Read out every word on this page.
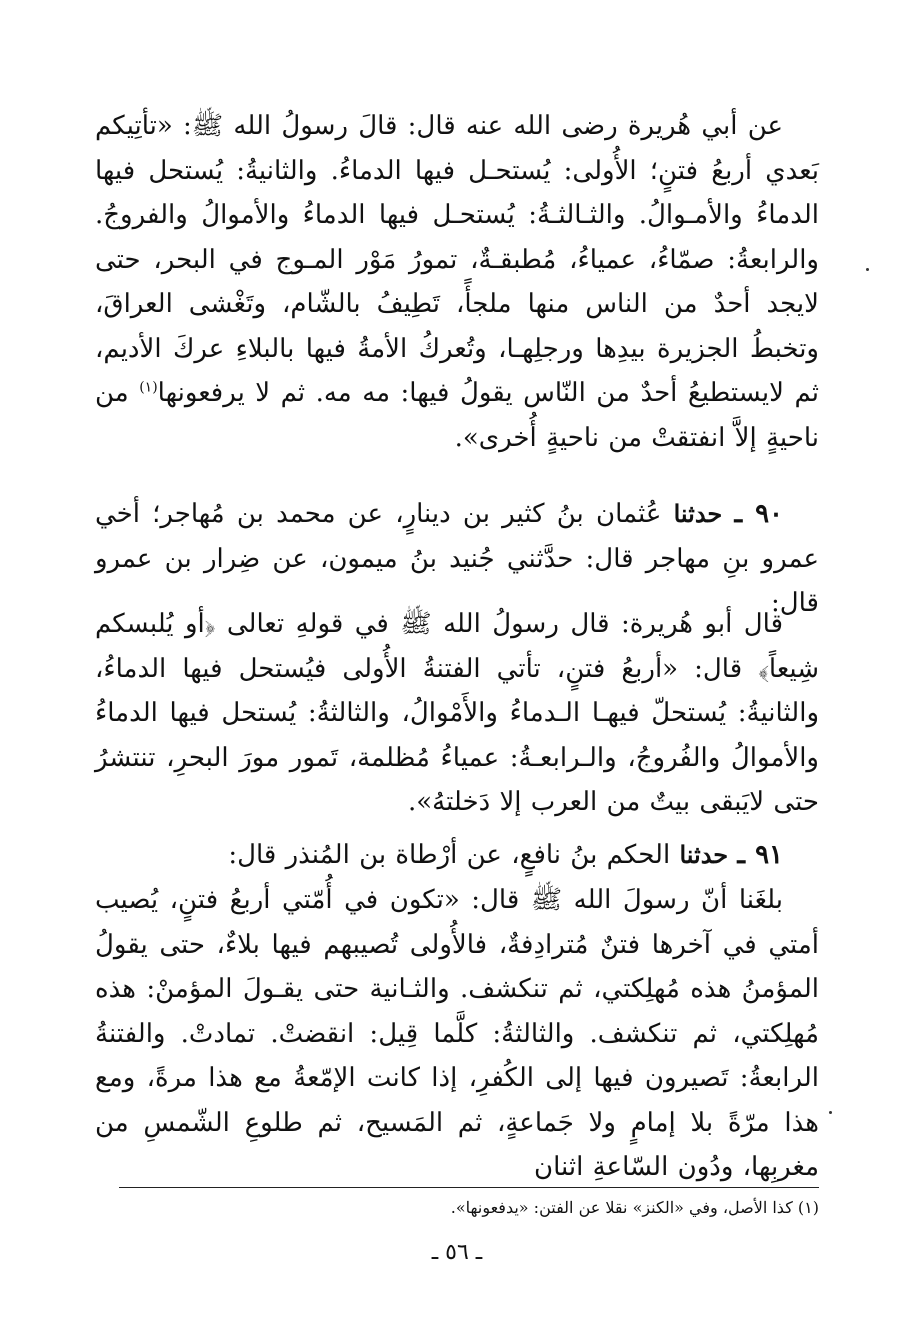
عن أبي هُريرة رضى الله عنه قال: قالَ رسولُ الله ﷺ: «تأتِيكم بَعدي أربعُ فتنٍ؛ الأُولى: يُستحـل فيها الدماءُ. والثانيةُ: يُستحل فيها الدماءُ والأمـوالُ. والثـالثـةُ: يُستحـل فيها الدماءُ والأموالُ والفروجُ. والرابعةُ: صمّاءُ، عمياءُ، مُطبقـةٌ، تمورُ مَوْر المـوج في البحر، حتى لايجد أحدٌ من الناس منها ملجأً، تَطِيفُ بالشّام، وتَغْشى العراقَ، وتخبطُ الجزيرة بيدِها ورجلِهـا، وتُعركُ الأمةُ فيها بالبلاءِ عركَ الأديم، ثم لايستطيعُ أحدٌ من النّاس يقولُ فيها: مه مه. ثم لا يرفعونها$^{(١)}$ من ناحيةٍ إلاَّ انفتقتْ من ناحيةٍ أُخرى».

٩٠ ـ حدثنا عُثمان بنُ كثير بن دينارٍ، عن محمد بن مُهاجر؛ أخي عمرو بنِ مهاجر قال: حدَّثني جُنيد بنُ ميمون، عن ضِرار بن عمرو قال:

قال أبو هُريرة: قال رسولُ الله ﷺ في قولهِ تعالى ﴿أو يُلبسكم شِيعاً﴾ قال: «أربعُ فتنٍ، تأتي الفتنةُ الأُولى فيُستحل فيها الدماءُ، والثانيةُ: يُستحلّ فيهـا الـدماءُ والأَمْوالُ، والثالثةُ: يُستحل فيها الدماءُ والأموالُ والفُروجُ، والـرابعـةُ: عمياءُ مُظلمة، تَمور مورَ البحرِ، تنتشرُ حتى لايَبقى بيتٌ من العرب إلا دَخلتهُ».

٩١ ـ حدثنا الحكم بنُ نافعٍ، عن أرْطاة بن المُنذر قال:

بلغَنا أنّ رسولَ الله ﷺ قال: «تكون في أُمّتي أربعُ فتنٍ، يُصيب أمتي في آخرها فتنٌ مُترادِفةٌ، فالأُولى تُصيبهم فيها بلاءٌ، حتى يقولُ المؤمنُ هذه مُهلِكتي، ثم تنكشف. والثـانية حتى يقـولَ المؤمنْ: هذه مُهلِكتي، ثم تنكشف. والثالثةُ: كلَّما قِيل: انقضتْ. تمادتْ. والفتنةُ الرابعةُ: تَصيرون فيها إلى الكُفرِ، إذا كانت الإمّعةُ مع هذا مرةً، ومع هذا مرّةً بلا إمامٍ ولا جَماعةٍ، ثم المَسيح، ثم طلوعِ الشّمسِ من مغربِها، ودُون السّاعةِ اثنان

(١) كذا الأصل، وفي «الكنز» نقلا عن الفتن: «يدفعونها».
ـ ٥٦ ـ
